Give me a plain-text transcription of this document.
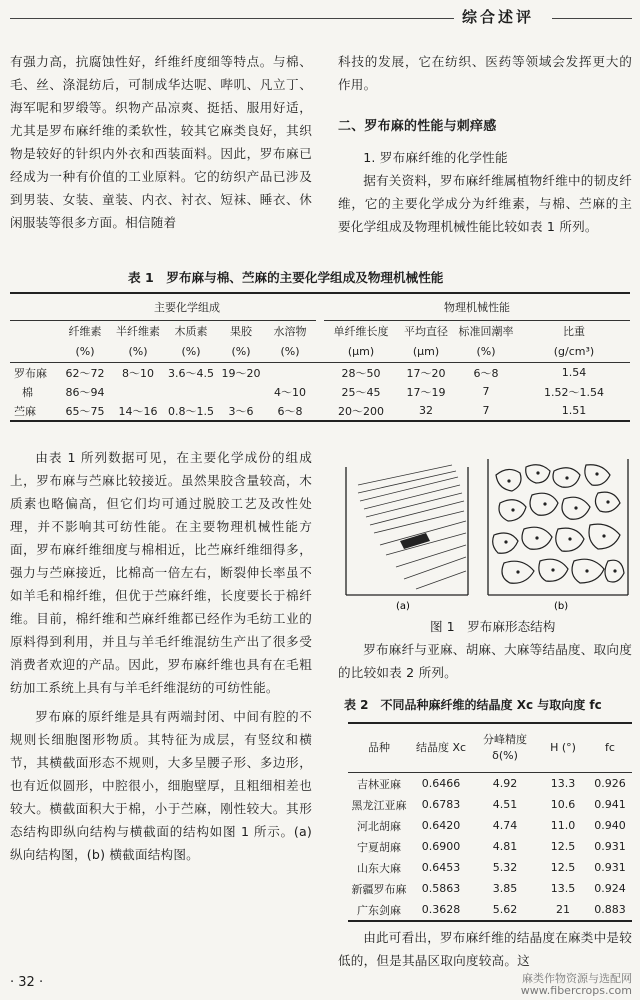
综合述评

有强力高，抗腐蚀性好，纤维纤度细等特点。与棉、毛、丝、涤混纺后，可制成华达呢、哔叽、凡立丁、海军呢和罗缎等。织物产品凉爽、挺括、服用好适，尤其是罗布麻纤维的柔软性，较其它麻类良好，其织物是较好的针织内外衣和西装面料。因此，罗布麻已经成为一种有价值的工业原料。它的纺织产品已涉及到男装、女装、童装、内衣、衬衣、短袜、睡衣、休闲服装等很多方面。相信随着

科技的发展，它在纺织、医药等领域会发挥更大的作用。

二、罗布麻的性能与刺痒感

1. 罗布麻纤维的化学性能

据有关资料，罗布麻纤维属植物纤维中的韧皮纤维，它的主要化学成分为纤维素，与棉、苎麻的主要化学组成及物理机械性能比较如表 1 所列。

表 1　罗布麻与棉、苎麻的主要化学组成及物理机械性能
	主要化学组成						物理机械性能			
	纤维素	半纤维素	木质素	果胶	水溶物		单纤维长度	平均直径	标准回潮率	比重
	(%)	(%)	(%)	(%)	(%)		(μm)	(μm)	(%)	(g/cm³)
罗布麻	62～72	8～10	3.6～4.5	19～20			28～50	17～20	6～8	1.54
棉	86～94				4～10		25～45	17～19	7	1.52～1.54
苎麻	65～75	14～16	0.8～1.5	3～6	6～8		20～200	32	7	1.51

由表 1 所列数据可见，在主要化学成份的组成上，罗布麻与苎麻比较接近。虽然果胶含量较高，木质素也略偏高，但它们均可通过脱胶工艺及改性处理，并不影响其可纺性能。在主要物理机械性能方面，罗布麻纤维细度与棉相近，比苎麻纤维细得多，强力与苎麻接近，比棉高一倍左右，断裂伸长率虽不如羊毛和棉纤维，但优于苎麻纤维，长度要长于棉纤维。目前，棉纤维和苎麻纤维都已经作为毛纺工业的原料得到利用，并且与羊毛纤维混纺生产出了很多受消费者欢迎的产品。因此，罗布麻纤维也具有在毛粗纺加工系统上具有与羊毛纤维混纺的可纺性能。

罗布麻的原纤维是具有两端封闭、中间有腔的不规则长细胞图形物质。其特征为成层，有竖纹和横节，其横截面形态不规则，大多呈腰子形、多边形，也有近似圆形，中腔很小，细胞壁厚，且粗细相差也较大。横截面积大于棉，小于苎麻，刚性较大。其形态结构即纵向结构与横截面的结构如图 1 所示。(a) 纵向结构图，(b) 横截面结构图。

(a)	(b)
图 1　罗布麻形态结构

罗布麻纤与亚麻、胡麻、大麻等结晶度、取向度的比较如表 2 所列。

表 2　不同品种麻纤维的结晶度 Xc 与取向度 fc
品种	结晶度 Xc	分峰精度 δ(%)	H (°)	fc
吉林亚麻	0.6466	4.92	13.3	0.926
黑龙江亚麻	0.6783	4.51	10.6	0.941
河北胡麻	0.6420	4.74	11.0	0.940
宁夏胡麻	0.6900	4.81	12.5	0.931
山东大麻	0.6453	5.32	12.5	0.931
新疆罗布麻	0.5863	3.85	13.5	0.924
广东剑麻	0.3628	5.62	21	0.883

由此可看出，罗布麻纤维的结晶度在麻类中是较低的，但是其晶区取向度较高。这

· 32 ·	麻类作物资源与选配网
www.fibercrops.com
